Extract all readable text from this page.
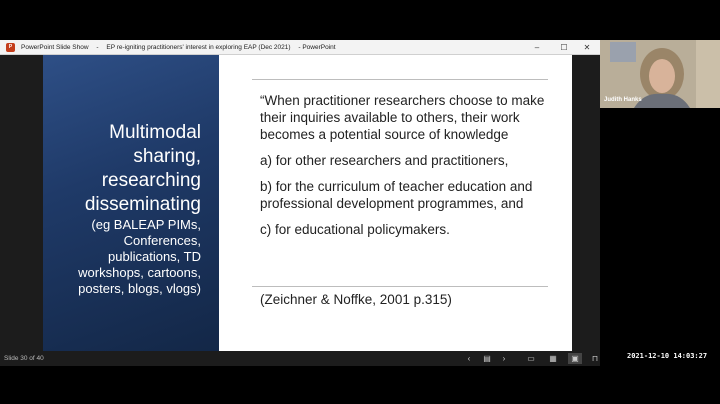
P	PowerPoint Slide Show - EP re-igniting practitioners' interest in exploring EAP (Dec 2021) - PowerPoint	–	☐	✕
Multimodal
sharing,
researching
disseminating
(eg BALEAP PIMs,
Conferences,
publications, TD
workshops, cartoons,
posters, blogs, vlogs)

“When practitioner researchers choose to make their inquiries available to others, their work becomes a potential source of knowledge

a) for other researchers and practitioners,

b) for the curriculum of teacher education and professional development programmes, and

c) for educational policymakers.

(Zeichner & Noffke, 2001 p.315)
Slide 30 of 40	‹	▤	›	▭	▦	▣	⊓
Judith Hanks
2021-12-10 14:03:27
